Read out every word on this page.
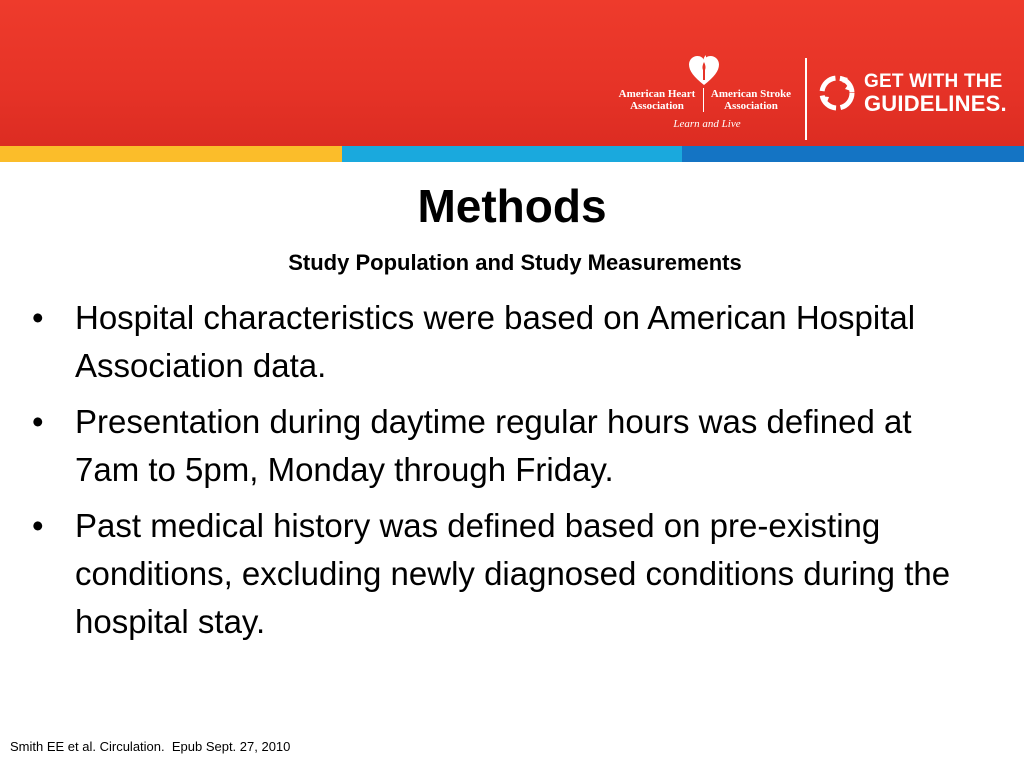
American Heart
Association
American Stroke
Association
Learn and Live
GET WITH THE
GUIDELINES.
Methods
Study Population and Study Measurements
• Hospital characteristics were based on American Hospital Association data.
• Presentation during daytime regular hours was defined at 7am to 5pm, Monday through Friday.
• Past medical history was defined based on pre-existing conditions, excluding newly diagnosed conditions during the hospital stay.
Smith EE et al. Circulation.  Epub Sept. 27, 2010
